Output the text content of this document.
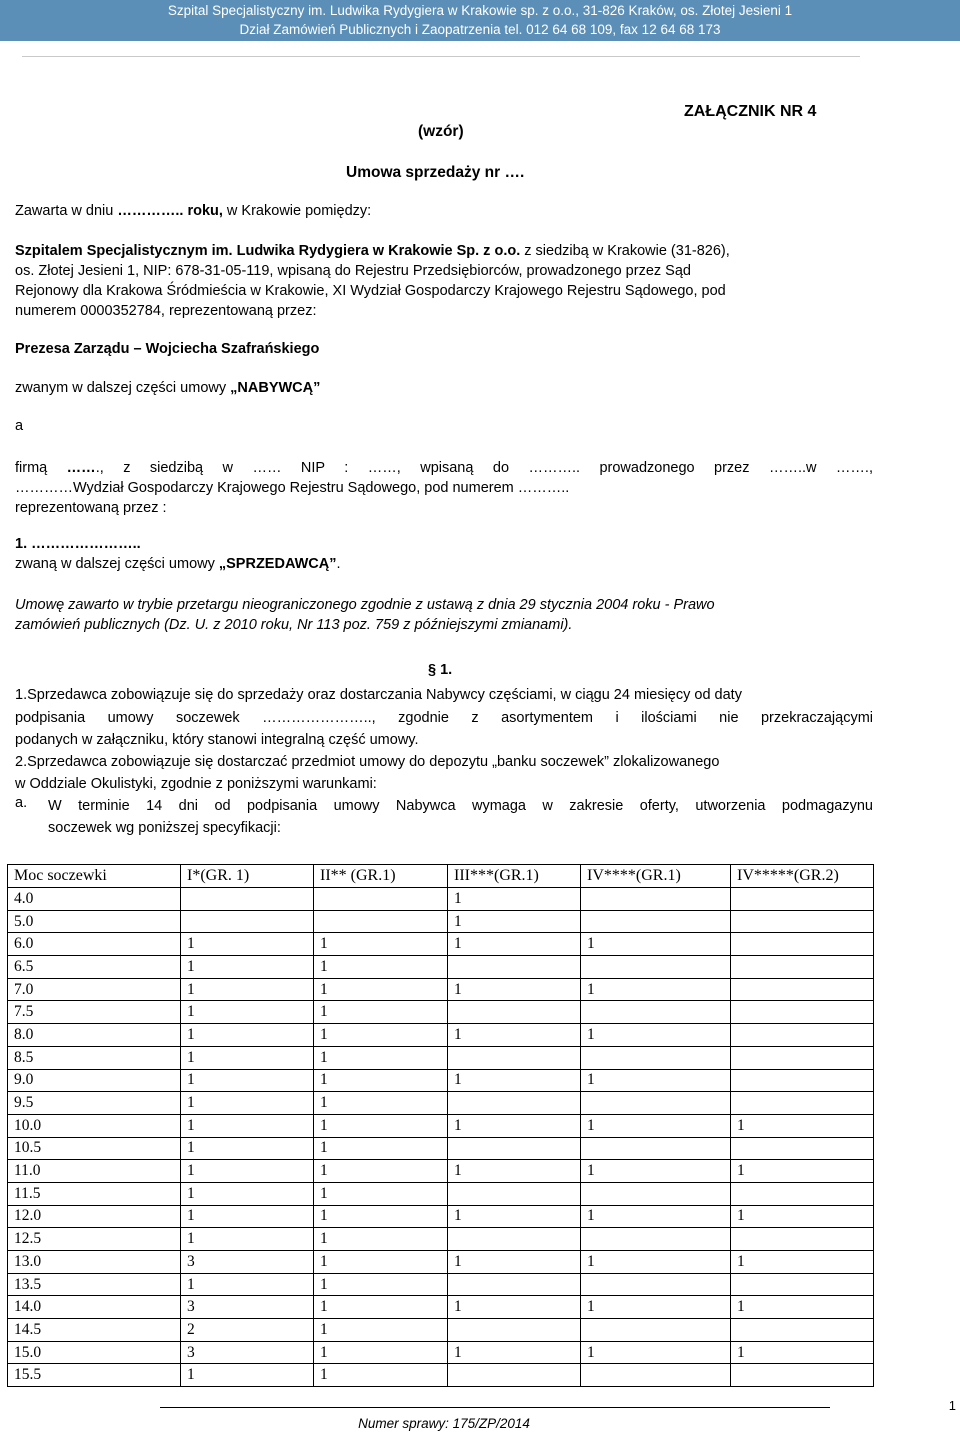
Szpital Specjalistyczny im. Ludwika Rydygiera w Krakowie sp. z o.o., 31-826 Kraków, os. Złotej Jesieni 1
Dział Zamówień Publicznych i Zaopatrzenia tel. 012 64 68 109, fax 12 64 68 173
ZAŁĄCZNIK NR 4
(wzór)
Umowa sprzedaży nr ….
Zawarta w dniu ………….. roku, w Krakowie pomiędzy:
Szpitalem Specjalistycznym im. Ludwika Rydygiera w Krakowie Sp. z o.o. z siedzibą w Krakowie (31-826),
os. Złotej Jesieni 1, NIP: 678-31-05-119, wpisaną do Rejestru Przedsiębiorców, prowadzonego przez Sąd
Rejonowy dla Krakowa Śródmieścia w Krakowie, XI Wydział Gospodarczy Krajowego Rejestru Sądowego, pod
numerem 0000352784, reprezentowaną przez:
Prezesa Zarządu – Wojciecha Szafrańskiego
zwanym w dalszej części umowy „NABYWCĄ”
a
firmą ……., z siedzibą w …… NIP : ……, wpisaną do ……….. prowadzonego przez ……..w …….,
…………Wydział Gospodarczy Krajowego Rejestru Sądowego, pod numerem ………..
reprezentowaną przez :
1. …………………..
zwaną w dalszej części umowy „SPRZEDAWCĄ”.
Umowę zawarto w trybie przetargu nieograniczonego zgodnie z ustawą z dnia 29 stycznia 2004 roku - Prawo
zamówień publicznych (Dz. U. z 2010 roku, Nr 113 poz. 759 z późniejszymi zmianami).
§ 1.
1.Sprzedawca zobowiązuje się do sprzedaży oraz dostarczania Nabywcy częściami, w ciągu 24 miesięcy od daty
podpisania umowy soczewek ………………….., zgodnie z asortymentem i ilościami nie przekraczającymi
podanych w załączniku, który stanowi integralną część umowy.
2.Sprzedawca zobowiązuje się dostarczać przedmiot umowy do depozytu „banku soczewek” zlokalizowanego
w Oddziale Okulistyki, zgodnie z poniższymi warunkami:
a. W terminie 14 dni od podpisania umowy Nabywca wymaga w zakresie oferty, utworzenia podmagazynu
soczewek wg poniższej specyfikacji:
Moc soczewki	I*(GR. 1)	II** (GR.1)	III***(GR.1)	IV****(GR.1)	IV*****(GR.2)
4.0			1		
5.0			1		
6.0	1	1	1	1	
6.5	1	1			
7.0	1	1	1	1	
7.5	1	1			
8.0	1	1	1	1	
8.5	1	1			
9.0	1	1	1	1	
9.5	1	1			
10.0	1	1	1	1	1
10.5	1	1			
11.0	1	1	1	1	1
11.5	1	1			
12.0	1	1	1	1	1
12.5	1	1			
13.0	3	1	1	1	1
13.5	1	1			
14.0	3	1	1	1	1
14.5	2	1			
15.0	3	1	1	1	1
15.5	1	1			
Numer sprawy: 175/ZP/2014
1
